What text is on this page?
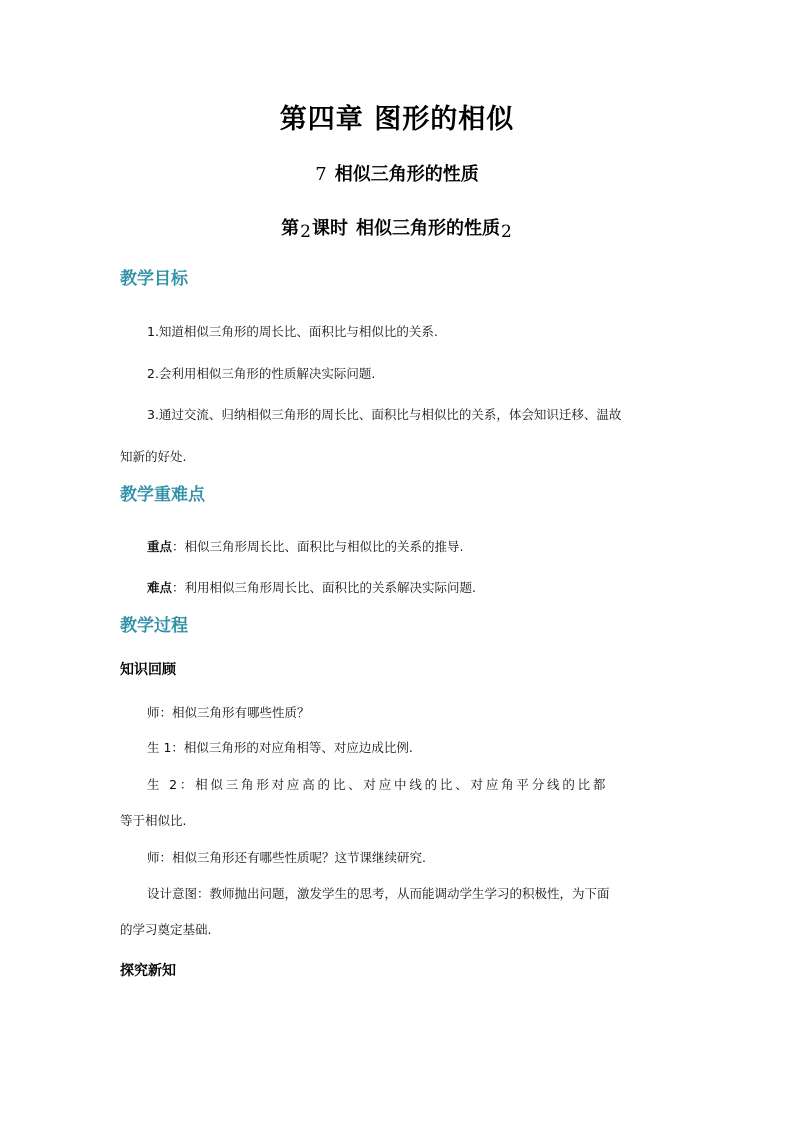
第四章 图形的相似
7 相似三角形的性质
第2课时 相似三角形的性质2
教学目标
1.知道相似三角形的周长比、面积比与相似比的关系.
2.会利用相似三角形的性质解决实际问题.
3.通过交流、归纳相似三角形的周长比、面积比与相似比的关系，体会知识迁移、温故
知新的好处.
教学重难点
重点：相似三角形周长比、面积比与相似比的关系的推导.
难点：利用相似三角形周长比、面积比的关系解决实际问题.
教学过程
知识回顾
师：相似三角形有哪些性质？
生 1：相似三角形的对应角相等、对应边成比例.
生 2：相似三角形对应高的比、对应中线的比、对应角平分线的比都
等于相似比.
师：相似三角形还有哪些性质呢？这节课继续研究.
设计意图：教师抛出问题，激发学生的思考，从而能调动学生学习的积极性，为下面
的学习奠定基础.
探究新知
